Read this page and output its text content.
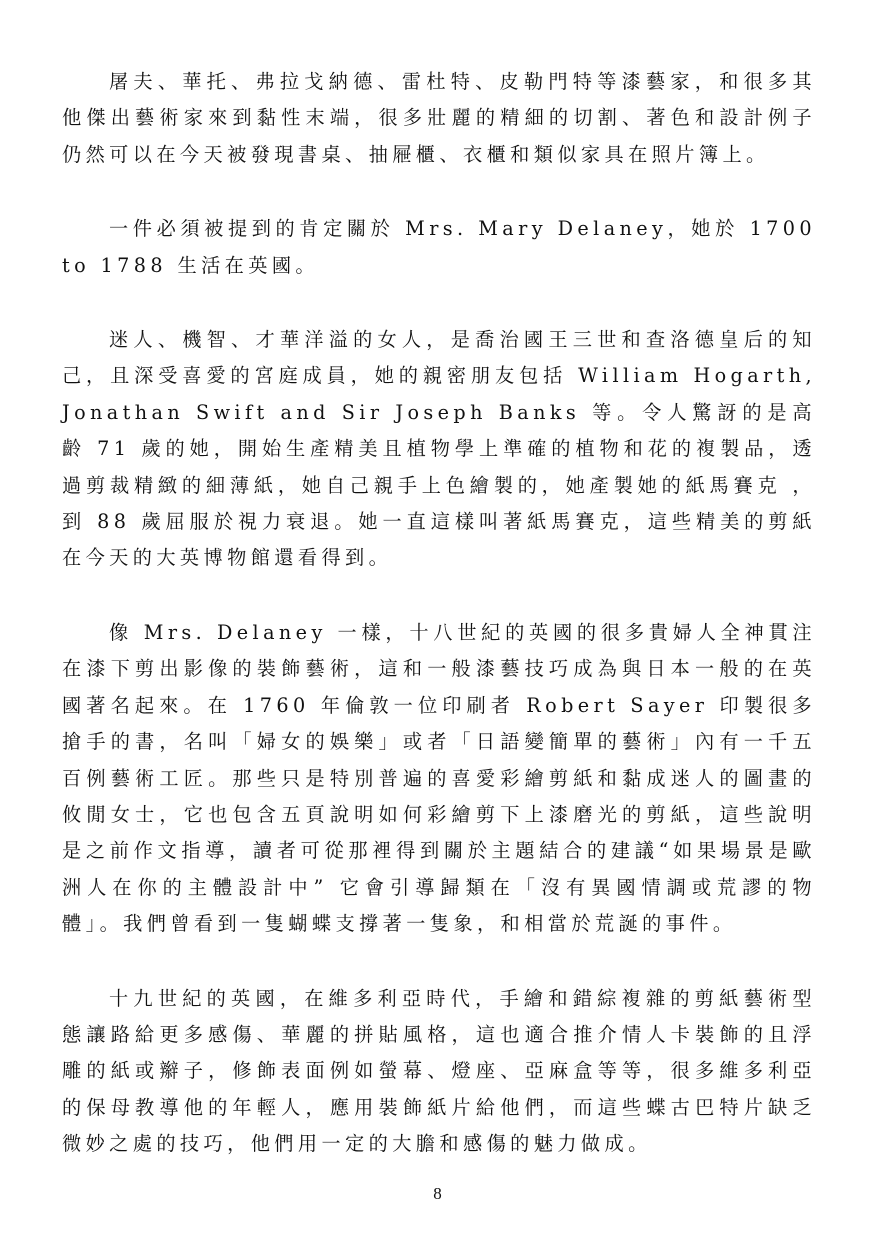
屠夫、華托、弗拉戈納德、雷杜特、皮勒門特等漆藝家，和很多其他傑出藝術家來到黏性末端，很多壯麗的精細的切割、著色和設計例子仍然可以在今天被發現書桌、抽屜櫃、衣櫃和類似家具在照片簿上。

一件必須被提到的肯定關於 Mrs. Mary Delaney，她於 1700 to 1788 生活在英國。

迷人、機智、才華洋溢的女人，是喬治國王三世和查洛德皇后的知己，且深受喜愛的宮庭成員，她的親密朋友包括 William Hogarth, Jonathan Swift and Sir Joseph Banks 等。令人驚訝的是高齡 71 歲的她，開始生產精美且植物學上準確的植物和花的複製品，透過剪裁精緻的細薄紙，她自己親手上色繪製的，她產製她的紙馬賽克 ，到 88 歲屈服於視力衰退。她一直這樣叫著紙馬賽克，這些精美的剪紙在今天的大英博物館還看得到。

像 Mrs. Delaney 一樣，十八世紀的英國的很多貴婦人全神貫注在漆下剪出影像的裝飾藝術，這和一般漆藝技巧成為與日本一般的在英國著名起來。在 1760 年倫敦一位印刷者 Robert Sayer 印製很多搶手的書，名叫「婦女的娛樂」或者「日語變簡單的藝術」內有一千五百例藝術工匠。那些只是特別普遍的喜愛彩繪剪紙和黏成迷人的圖畫的攸閒女士，它也包含五頁說明如何彩繪剪下上漆磨光的剪紙，這些說明是之前作文指導，讀者可從那裡得到關於主題結合的建議“如果場景是歐洲人在你的主體設計中” 它會引導歸類在「沒有異國情調或荒謬的物體」。我們曾看到一隻蝴蝶支撐著一隻象，和相當於荒誕的事件。

十九世紀的英國，在維多利亞時代，手繪和錯綜複雜的剪紙藝術型態讓路給更多感傷、華麗的拼貼風格，這也適合推介情人卡裝飾的且浮雕的紙或辮子，修飾表面例如螢幕、燈座、亞麻盒等等，很多維多利亞的保母教導他的年輕人，應用裝飾紙片給他們，而這些蝶古巴特片缺乏微妙之處的技巧，他們用一定的大膽和感傷的魅力做成。

8
